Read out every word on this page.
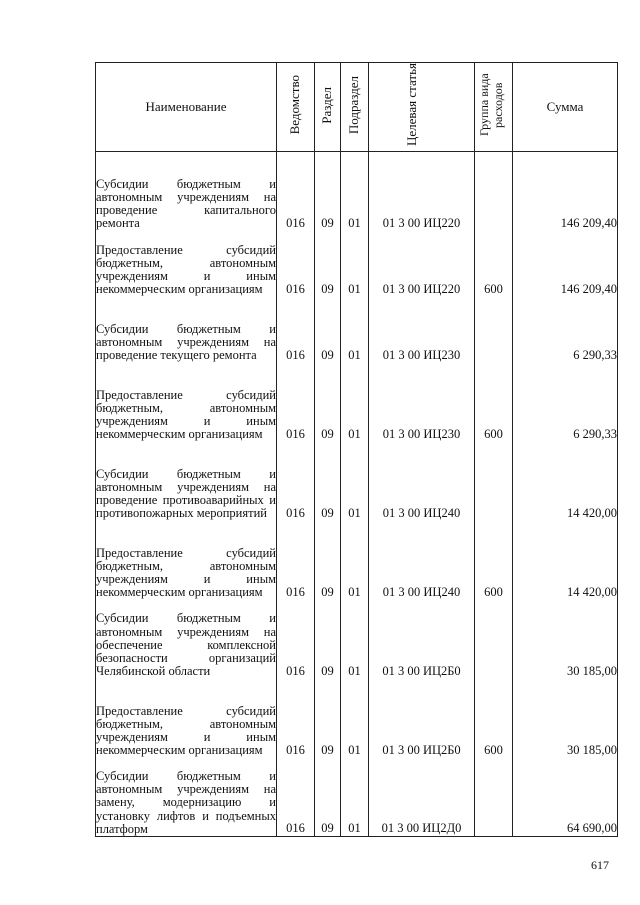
Наименование	Ведомство	Раздел	Подраздел	Целевая статья	Группа вида расходов	Сумма
Субсидии бюджетным и автономным учреждениям на проведение капитального ремонта	016	09	01	01 3 00 ИЦ220		146 209,40
Предоставление субсидий бюджетным, автономным учреждениям и иным некоммерческим организациям	016	09	01	01 3 00 ИЦ220	600	146 209,40
Субсидии бюджетным и автономным учреждениям на проведение текущего ремонта	016	09	01	01 3 00 ИЦ230		6 290,33
Предоставление субсидий бюджетным, автономным учреждениям и иным некоммерческим организациям	016	09	01	01 3 00 ИЦ230	600	6 290,33
Субсидии бюджетным и автономным учреждениям на проведение противоаварийных и противопожарных мероприятий	016	09	01	01 3 00 ИЦ240		14 420,00
Предоставление субсидий бюджетным, автономным учреждениям и иным некоммерческим организациям	016	09	01	01 3 00 ИЦ240	600	14 420,00
Субсидии бюджетным и автономным учреждениям на обеспечение комплексной безопасности организаций Челябинской области	016	09	01	01 3 00 ИЦ2Б0		30 185,00
Предоставление субсидий бюджетным, автономным учреждениям и иным некоммерческим организациям	016	09	01	01 3 00 ИЦ2Б0	600	30 185,00
Субсидии бюджетным и автономным учреждениям на замену, модернизацию и установку лифтов и подъемных платформ	016	09	01	01 3 00 ИЦ2Д0		64 690,00
617
